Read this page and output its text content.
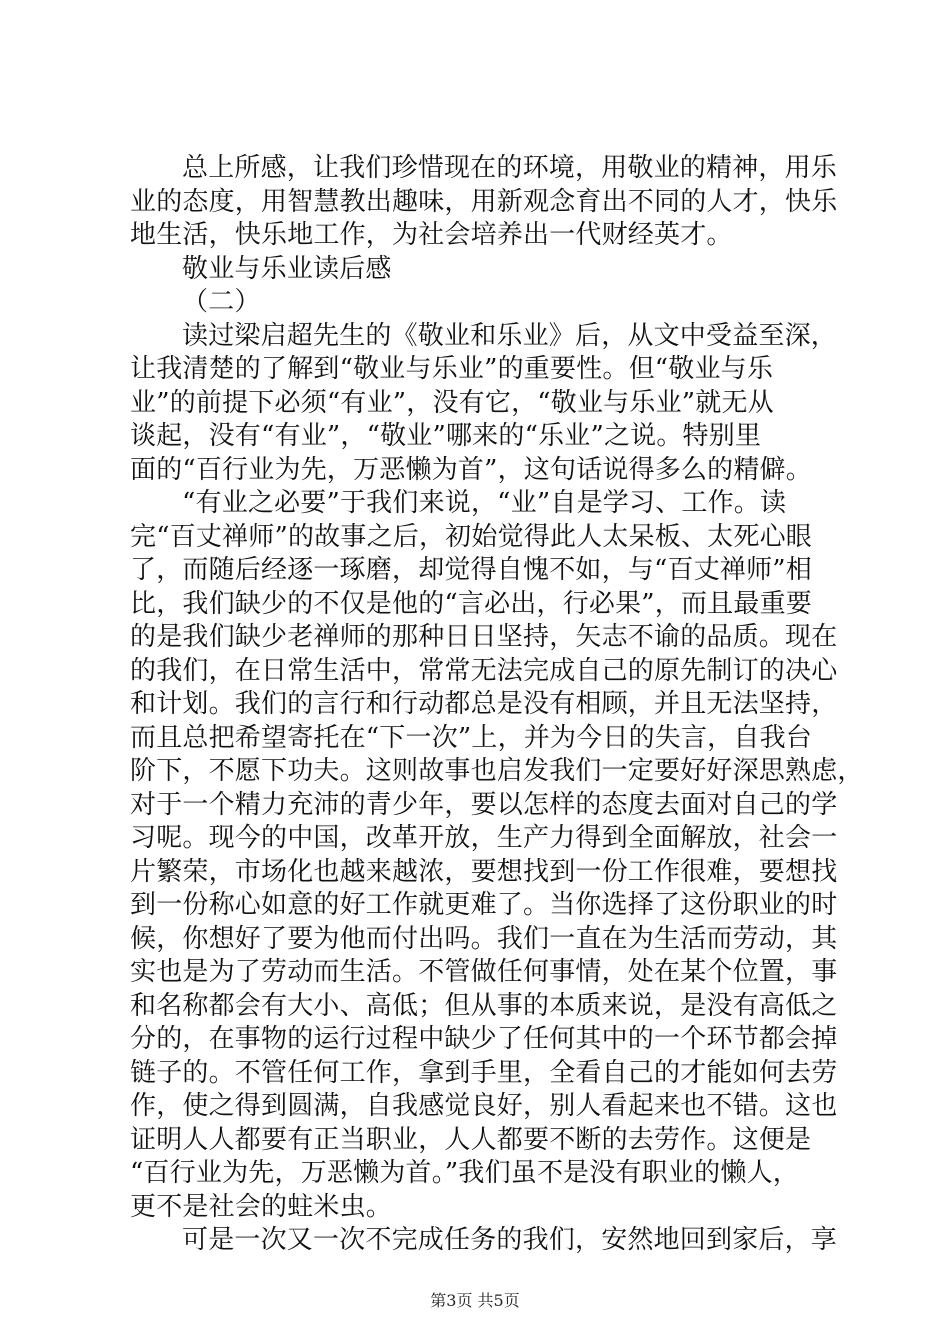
总上所感，让我们珍惜现在的环境，用敬业的精神，用乐
业的态度，用智慧教出趣味，用新观念育出不同的人才，快乐
地生活，快乐地工作，为社会培养出一代财经英才。
敬业与乐业读后感
（二）
读过梁启超先生的《敬业和乐业》后，从文中受益至深，
让我清楚的了解到“敬业与乐业”的重要性。但“敬业与乐
业”的前提下必须“有业”，没有它，“敬业与乐业”就无从
谈起，没有“有业”，“敬业”哪来的“乐业”之说。特别里
面的“百行业为先，万恶懒为首”，这句话说得多么的精僻。
“有业之必要”于我们来说，“业”自是学习、工作。读
完“百丈禅师”的故事之后，初始觉得此人太呆板、太死心眼
了，而随后经逐一琢磨，却觉得自愧不如，与“百丈禅师”相
比，我们缺少的不仅是他的“言必出，行必果”，而且最重要
的是我们缺少老禅师的那种日日坚持，矢志不谕的品质。现在
的我们，在日常生活中，常常无法完成自己的原先制订的决心
和计划。我们的言行和行动都总是没有相顾，并且无法坚持，
而且总把希望寄托在“下一次”上，并为今日的失言，自我台
阶下，不愿下功夫。这则故事也启发我们一定要好好深思熟虑，
对于一个精力充沛的青少年，要以怎样的态度去面对自己的学
习呢。现今的中国，改革开放，生产力得到全面解放，社会一
片繁荣，市场化也越来越浓，要想找到一份工作很难，要想找
到一份称心如意的好工作就更难了。当你选择了这份职业的时
候，你想好了要为他而付出吗。我们一直在为生活而劳动，其
实也是为了劳动而生活。不管做任何事情，处在某个位置，事
和名称都会有大小、高低；但从事的本质来说，是没有高低之
分的，在事物的运行过程中缺少了任何其中的一个环节都会掉
链子的。不管任何工作，拿到手里，全看自己的才能如何去劳
作，使之得到圆满，自我感觉良好，别人看起来也不错。这也
证明人人都要有正当职业，人人都要不断的去劳作。这便是
“百行业为先，万恶懒为首。”我们虽不是没有职业的懒人，
更不是社会的蛀米虫。
可是一次又一次不完成任务的我们，安然地回到家后，享
第3页 共5页
